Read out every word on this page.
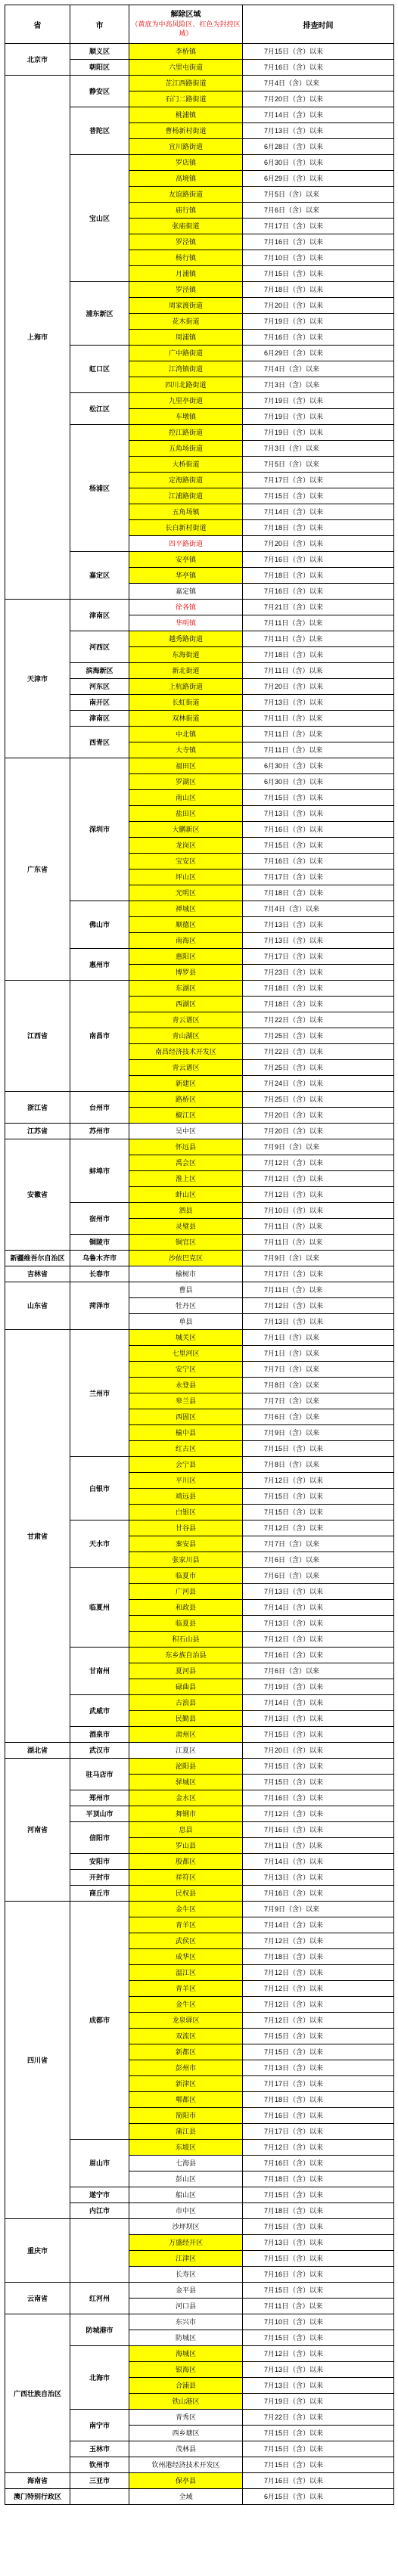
省	市	解除区域
（黄底为中高风险区、红色为封控区域）	排查时间
北京市	顺义区	李桥镇	7月15日（含）以来
	朝阳区	六里屯街道	7月16日（含）以来
上海市	静安区	芷江西路街道	7月4日（含）以来
		石门二路街道	7月20日（含）以来
	普陀区	桃浦镇	7月14日（含）以来
		曹杨新村街道	7月13日（含）以来
		宜川路街道	6月28日（含）以来
	宝山区	罗店镇	6月30日（含）以来
		高境镇	6月29日（含）以来
		友谊路街道	7月5日（含）以来
		庙行镇	7月6日（含）以来
		张庙街道	7月17日（含）以来
		罗泾镇	7月16日（含）以来
		杨行镇	7月10日（含）以来
		月浦镇	7月15日（含）以来
	浦东新区	罗泾镇	7月18日（含）以来
		周家渡街道	7月20日（含）以来
		花木街道	7月19日（含）以来
		周浦镇	7月16日（含）以来
	虹口区	广中路街道	6月29日（含）以来
		江湾镇街道	7月4日（含）以来
		四川北路街道	7月3日（含）以来
	松江区	九里亭街道	7月19日（含）以来
		车墩镇	7月19日（含）以来
	杨浦区	控江路街道	7月19日（含）以来
		五角场街道	7月3日（含）以来
		大桥街道	7月5日（含）以来
		定海路街道	7月17日（含）以来
		江浦路街道	7月15日（含）以来
		五角场镇	7月14日（含）以来
		长白新村街道	7月18日（含）以来
		四平路街道	7月20日（含）以来
	嘉定区	安亭镇	7月16日（含）以来
		华亭镇	7月18日（含）以来
		嘉定镇	7月16日（含）以来
天津市	津南区	徐各镇	7月21日（含）以来
		华明镇	7月11日（含）以来
	河西区	越秀路街道	7月11日（含）以来
		东海街道	7月18日（含）以来
	滨海新区	新北街道	7月11日（含）以来
	河东区	上杭路街道	7月20日（含）以来
	南开区	长虹街道	7月13日（含）以来
	津南区	双林街道	7月11日（含）以来
	西青区	中北镇	7月11日（含）以来
		大寺镇	7月11日（含）以来
广东省	深圳市	福田区	6月30日（含）以来
		罗湖区	6月30日（含）以来
		南山区	7月15日（含）以来
		盐田区	7月13日（含）以来
		大鹏新区	7月16日（含）以来
		龙岗区	7月15日（含）以来
		宝安区	7月16日（含）以来
		坪山区	7月17日（含）以来
		光明区	7月18日（含）以来
	佛山市	禅城区	7月4日（含）以来
		顺德区	7月13日（含）以来
		南海区	7月13日（含）以来
	惠州市	惠阳区	7月17日（含）以来
		博罗县	7月23日（含）以来
江西省	南昌市	东湖区	7月18日（含）以来
		西湖区	7月18日（含）以来
		青云谱区	7月22日（含）以来
		青山湖区	7月25日（含）以来
		南昌经济技术开发区	7月22日（含）以来
		青云谱区	7月25日（含）以来
		新建区	7月24日（含）以来
浙江省	台州市	路桥区	7月25日（含）以来
		椒江区	7月20日（含）以来
江苏省	苏州市	吴中区	7月20日（含）以来
安徽省	蚌埠市	怀远县	7月9日（含）以来
		禹会区	7月12日（含）以来
		淮上区	7月12日（含）以来
		蚌山区	7月12日（含）以来
	宿州市	泗县	7月10日（含）以来
		灵璧县	7月11日（含）以来
	铜陵市	铜官区	7月11日（含）以来
新疆维吾尔自治区	乌鲁木齐市	沙依巴克区	7月9日（含）以来
吉林省	长春市	榆树市	7月17日（含）以来
山东省	菏泽市	曹县	7月11日（含）以来
		牡丹区	7月12日（含）以来
		单县	7月13日（含）以来
甘肃省	兰州市	城关区	7月1日（含）以来
		七里河区	7月1日（含）以来
		安宁区	7月7日（含）以来
		永登县	7月8日（含）以来
		皋兰县	7月7日（含）以来
		西固区	7月6日（含）以来
		榆中县	7月9日（含）以来
		红古区	7月15日（含）以来
	白银市	会宁县	7月8日（含）以来
		平川区	7月12日（含）以来
		靖远县	7月15日（含）以来
		白银区	7月15日（含）以来
	天水市	甘谷县	7月12日（含）以来
		秦安县	7月7日（含）以来
		张家川县	7月6日（含）以来
	临夏州	临夏市	7月6日（含）以来
		广河县	7月13日（含）以来
		和政县	7月14日（含）以来
		临夏县	7月13日（含）以来
		积石山县	7月12日（含）以来
	甘南州	东乡族自治县	7月16日（含）以来
		夏河县	7月6日（含）以来
		碌曲县	7月19日（含）以来
	武威市	古浪县	7月14日（含）以来
		民勤县	7月13日（含）以来
	酒泉市	肃州区	7月15日（含）以来
湖北省	武汉市	江夏区	7月20日（含）以来
河南省	驻马店市	泌阳县	7月15日（含）以来
		驿城区	7月15日（含）以来
	郑州市	金水区	7月16日（含）以来
	平顶山市	舞钢市	7月12日（含）以来
	信阳市	息县	7月16日（含）以来
		罗山县	7月11日（含）以来
	安阳市	殷都区	7月14日（含）以来
	开封市	祥符区	7月13日（含）以来
	商丘市	民权县	7月16日（含）以来
四川省	成都市	金牛区	7月9日（含）以来
		青羊区	7月14日（含）以来
		武侯区	7月12日（含）以来
		成华区	7月18日（含）以来
		温江区	7月12日（含）以来
		青羊区	7月12日（含）以来
		金牛区	7月12日（含）以来
		龙泉驿区	7月12日（含）以来
		双流区	7月15日（含）以来
		新都区	7月15日（含）以来
		彭州市	7月13日（含）以来
		新津区	7月17日（含）以来
		郫都区	7月18日（含）以来
		简阳市	7月16日（含）以来
		蒲江县	7月17日（含）以来
	眉山市	东坡区	7月12日（含）以来
		七海县	7月16日（含）以来
		彭山区	7月18日（含）以来
	遂宁市	船山区	7月15日（含）以来
	内江市	市中区	7月18日（含）以来
重庆市		沙坪坝区	7月15日（含）以来
		万盛经开区	7月13日（含）以来
		江津区	7月15日（含）以来
		长寿区	7月16日（含）以来
云南省	红河州	金平县	7月15日（含）以来
		河口县	7月11日（含）以来
广西壮族自治区	防城港市	东兴市	7月10日（含）以来
		防城区	7月15日（含）以来
	北海市	海城区	7月12日（含）以来
		银海区	7月13日（含）以来
		合浦县	7月13日（含）以来
		铁山港区	7月19日（含）以来
	南宁市	青秀区	7月22日（含）以来
		西乡塘区	7月15日（含）以来
	玉林市	茂林县	7月15日（含）以来
	钦州市	钦州港经济技术开发区	7月15日（含）以来
海南省	三亚市	保亭县	7月16日（含）以来
澳门特别行政区		全域	6月15日（含）以来
